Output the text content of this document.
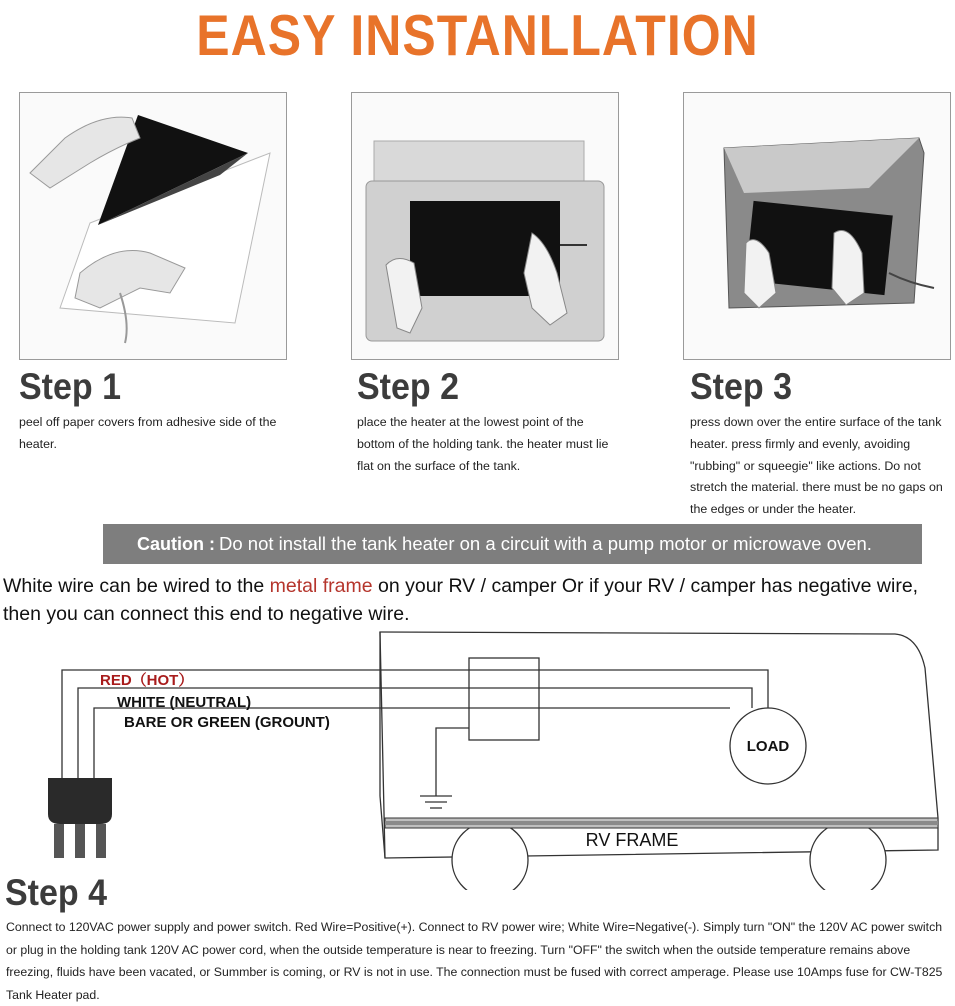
EASY INSTANLLATION
Step 1
peel off paper covers from adhesive side of the heater.
Step 2
place the heater at the lowest point of the bottom of the holding tank. the heater must lie flat on the surface of the tank.
Step 3
press down over the entire surface of the tank heater. press firmly and evenly, avoiding "rubbing" or squeegie" like actions. Do not stretch the material. there must be no gaps on the edges or under the heater.
Caution : Do not install the tank heater on a circuit with a pump motor or microwave oven.
White wire can be wired to the metal frame on your RV / camper Or if your RV / camper has negative wire, then you can connect this end to negative wire.
RED（HOT）
WHITE (NEUTRAL)
BARE OR GREEN (GROUNT)
LOAD
RV FRAME
Step 4
Connect to 120VAC power supply and power switch. Red Wire=Positive(+). Connect to RV power wire; White Wire=Negative(-). Simply turn "ON" the 120V AC power switch or plug in the holding tank 120V AC power cord, when the outside temperature is near to freezing. Turn "OFF" the switch when the outside temperature remains above freezing, fluids have been vacated, or Summber is coming, or RV is not in use. The connection must be fused with correct amperage. Please use 10Amps fuse for CW-T825 Tank Heater pad.
